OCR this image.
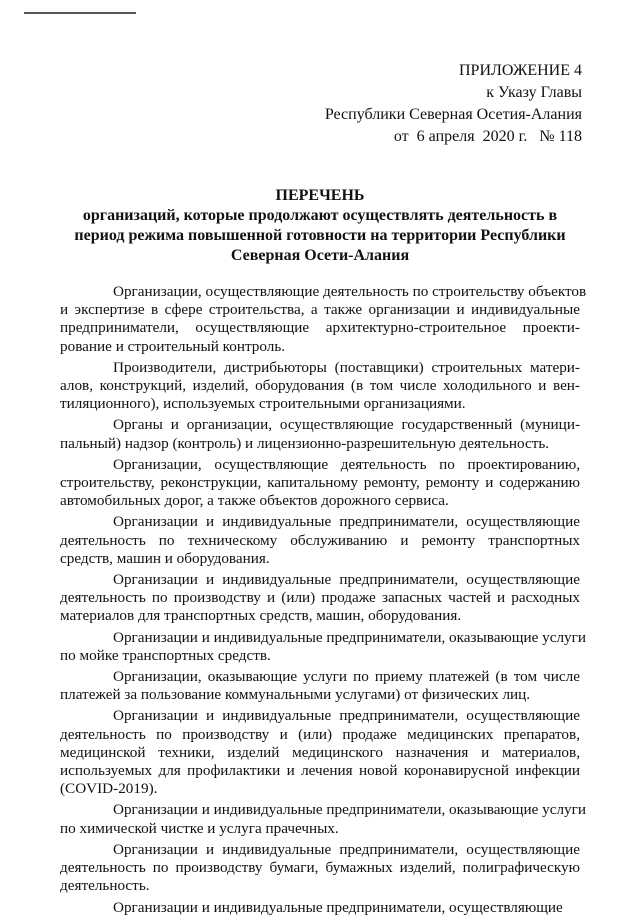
ПРИЛОЖЕНИЕ 4
к Указу Главы
Республики Северная Осетия-Алания
от  6 апреля  2020 г.   № 118
ПЕРЕЧЕНЬ
организаций, которые продолжают осуществлять деятельность в
период режима повышенной готовности на территории Республики
Северная Осети-Алания

Организации, осуществляющие деятельность по строительству объектов
и экспертизе в сфере строительства, а также организации и индивидуальные
предприниматели, осуществляющие архитектурно-строительное проекти-
рование и строительный контроль.

Производители, дистрибьюторы (поставщики) строительных матери-
алов, конструкций, изделий, оборудования (в том числе холодильного и вен-
тиляционного), используемых строительными организациями.

Органы и организации, осуществляющие государственный (муници-
пальный) надзор (контроль) и лицензионно-разрешительную деятельность.

Организации, осуществляющие деятельность по проектированию,
строительству, реконструкции, капитальному ремонту, ремонту и содержанию
автомобильных дорог, а также объектов дорожного сервиса.

Организации и индивидуальные предприниматели, осуществляющие
деятельность по техническому обслуживанию и ремонту транспортных
средств, машин и оборудования.

Организации и индивидуальные предприниматели, осуществляющие
деятельность по производству и (или) продаже запасных частей и расходных
материалов для транспортных средств, машин, оборудования.

Организации и индивидуальные предприниматели, оказывающие услуги
по мойке транспортных средств.

Организации, оказывающие услуги по приему платежей (в том числе
платежей за пользование коммунальными услугами) от физических лиц.

Организации и индивидуальные предприниматели, осуществляющие
деятельность по производству и (или) продаже медицинских препаратов,
медицинской техники, изделий медицинского назначения и материалов,
используемых для профилактики и лечения новой коронавирусной инфекции
(COVID-2019).

Организации и индивидуальные предприниматели, оказывающие услуги
по химической чистке и услуга прачечных.

Организации и индивидуальные предприниматели, осуществляющие
деятельность по производству бумаги, бумажных изделий, полиграфическую
деятельность.

Организации и индивидуальные предприниматели, осуществляющие
